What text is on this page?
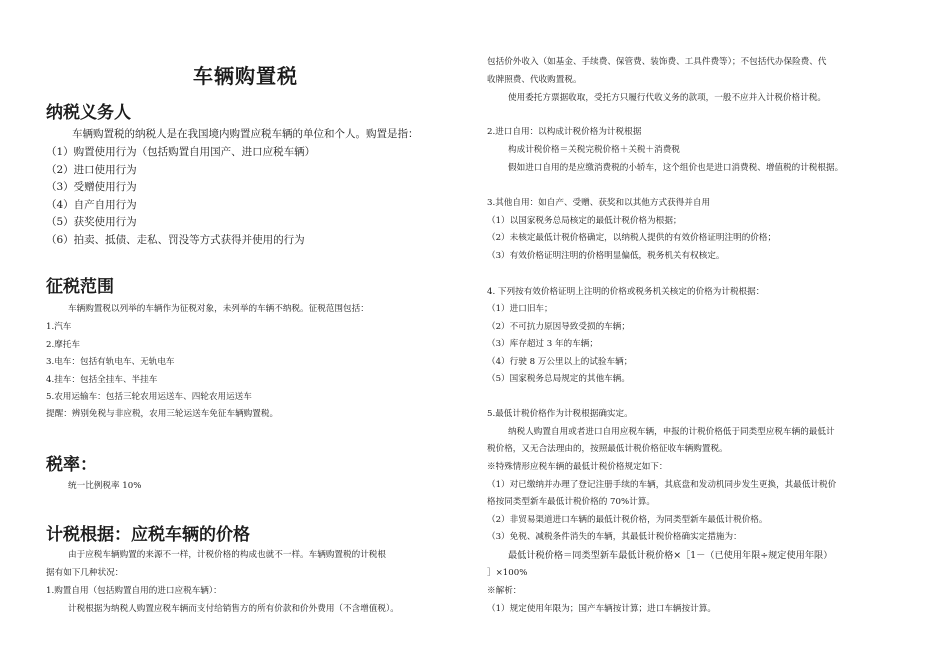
车辆购置税
纳税义务人
车辆购置税的纳税人是在我国境内购置应税车辆的单位和个人。购置是指：
（1）购置使用行为（包括购置自用国产、进口应税车辆）
（2）进口使用行为
（3）受赠使用行为
（4）自产自用行为
（5）获奖使用行为
（6）拍卖、抵债、走私、罚没等方式获得并使用的行为
征税范围
车辆购置税以列举的车辆作为征税对象，未列举的车辆不纳税。征税范围包括：
1.汽车
2.摩托车
3.电车：包括有轨电车、无轨电车
4.挂车：包括全挂车、半挂车
5.农用运输车：包括三轮农用运送车、四轮农用运送车
提醒：辨别免税与非应税，农用三轮运送车免征车辆购置税。
税率：
统一比例税率 10%
计税根据：应税车辆的价格
由于应税车辆购置的来源不一样，计税价格的构成也就不一样。车辆购置税的计税根
据有如下几种状况：
1.购置自用（包括购置自用的进口应税车辆）：
计税根据为纳税人购置应税车辆而支付给销售方的所有价款和价外费用（不含增值税）。
包括价外收入（如基金、手续费、保管费、装饰费、工具件费等）；不包括代办保险费、代
收牌照费、代收购置税。
使用委托方票据收取，受托方只履行代收义务的款项，一般不应并入计税价格计税。
2.进口自用：以构成计税价格为计税根据
构成计税价格＝关税完税价格＋关税＋消费税
假如进口自用的是应缴消费税的小轿车，这个组价也是进口消费税、增值税的计税根据。
3.其他自用：如自产、受赠、获奖和以其他方式获得并自用
（1）以国家税务总局核定的最低计税价格为根据；
（2）未核定最低计税价格确定，以纳税人提供的有效价格证明注明的价格；
（3）有效价格证明注明的价格明显偏低，税务机关有权核定。
4. 下列按有效价格证明上注明的价格或税务机关核定的价格为计税根据：
（1）进口旧车；
（2）不可抗力原因导致受损的车辆；
（3）库存超过 3 年的车辆；
（4）行驶 8 万公里以上的试验车辆；
（5）国家税务总局规定的其他车辆。
5.最低计税价格作为计税根据确实定。
纳税人购置自用或者进口自用应税车辆，申报的计税价格低于同类型应税车辆的最低计
税价格，又无合法理由的，按照最低计税价格征收车辆购置税。
※特殊情形应税车辆的最低计税价格规定如下：
（1）对已缴纳并办理了登记注册手续的车辆，其底盘和发动机同步发生更换，其最低计税价
格按同类型新车最低计税价格的 70%计算。
（2）非贸易渠道进口车辆的最低计税价格，为同类型新车最低计税价格。
（3）免税、减税条件消失的车辆，其最低计税价格确实定措施为：
最低计税价格＝同类型新车最低计税价格×［1－（已使用年限÷规定使用年限）
］×100%
※解析：
（1）规定使用年限为；国产车辆按计算；进口车辆按计算。
